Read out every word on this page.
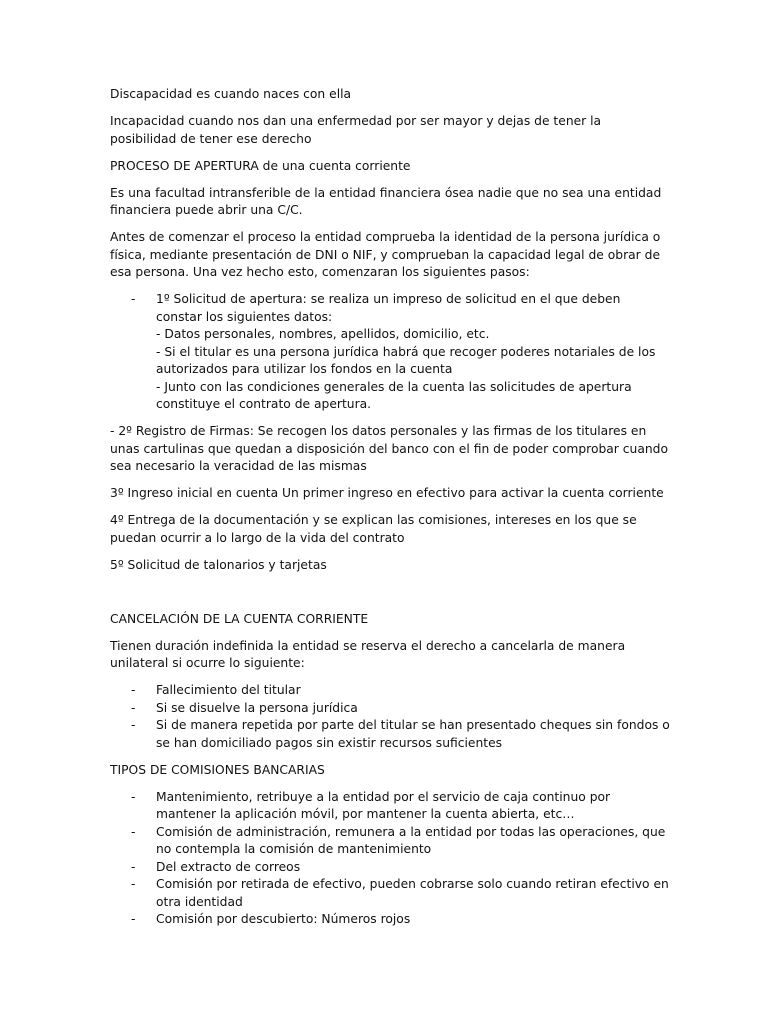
Discapacidad es cuando naces con ella

Incapacidad cuando nos dan una enfermedad por ser mayor y dejas de tener la posibilidad de tener ese derecho

PROCESO DE APERTURA de una cuenta corriente

Es una facultad intransferible de la entidad financiera ósea nadie que no sea una entidad financiera puede abrir una C/C.

Antes de comenzar el proceso la entidad comprueba la identidad de la persona jurídica o física, mediante presentación de DNI o NIF, y comprueban la capacidad legal de obrar de esa persona. Una vez hecho esto, comenzaran los siguientes pasos:

- 1º Solicitud de apertura: se realiza un impreso de solicitud en el que deben constar los siguientes datos:
- Datos personales, nombres, apellidos, domicilio, etc.
- Si el titular es una persona jurídica habrá que recoger poderes notariales de los autorizados para utilizar los fondos en la cuenta
- Junto con las condiciones generales de la cuenta las solicitudes de apertura constituye el contrato de apertura.

- 2º Registro de Firmas: Se recogen los datos personales y las firmas de los titulares en unas cartulinas que quedan a disposición del banco con el fin de poder comprobar cuando sea necesario la veracidad de las mismas

3º Ingreso inicial en cuenta Un primer ingreso en efectivo para activar la cuenta corriente

4º Entrega de la documentación y se explican las comisiones, intereses en los que se puedan ocurrir a lo largo de la vida del contrato

5º Solicitud de talonarios y tarjetas

CANCELACIÓN DE LA CUENTA CORRIENTE

Tienen duración indefinida la entidad se reserva el derecho a cancelarla de manera unilateral si ocurre lo siguiente:

- Fallecimiento del titular
- Si se disuelve la persona jurídica
- Si de manera repetida por parte del titular se han presentado cheques sin fondos o se han domiciliado pagos sin existir recursos suficientes

TIPOS DE COMISIONES BANCARIAS

- Mantenimiento, retribuye a la entidad por el servicio de caja continuo por mantener la aplicación móvil, por mantener la cuenta abierta, etc…
- Comisión de administración, remunera a la entidad por todas las operaciones, que no contempla la comisión de mantenimiento
- Del extracto de correos
- Comisión por retirada de efectivo, pueden cobrarse solo cuando retiran efectivo en otra identidad
- Comisión por descubierto: Números rojos
